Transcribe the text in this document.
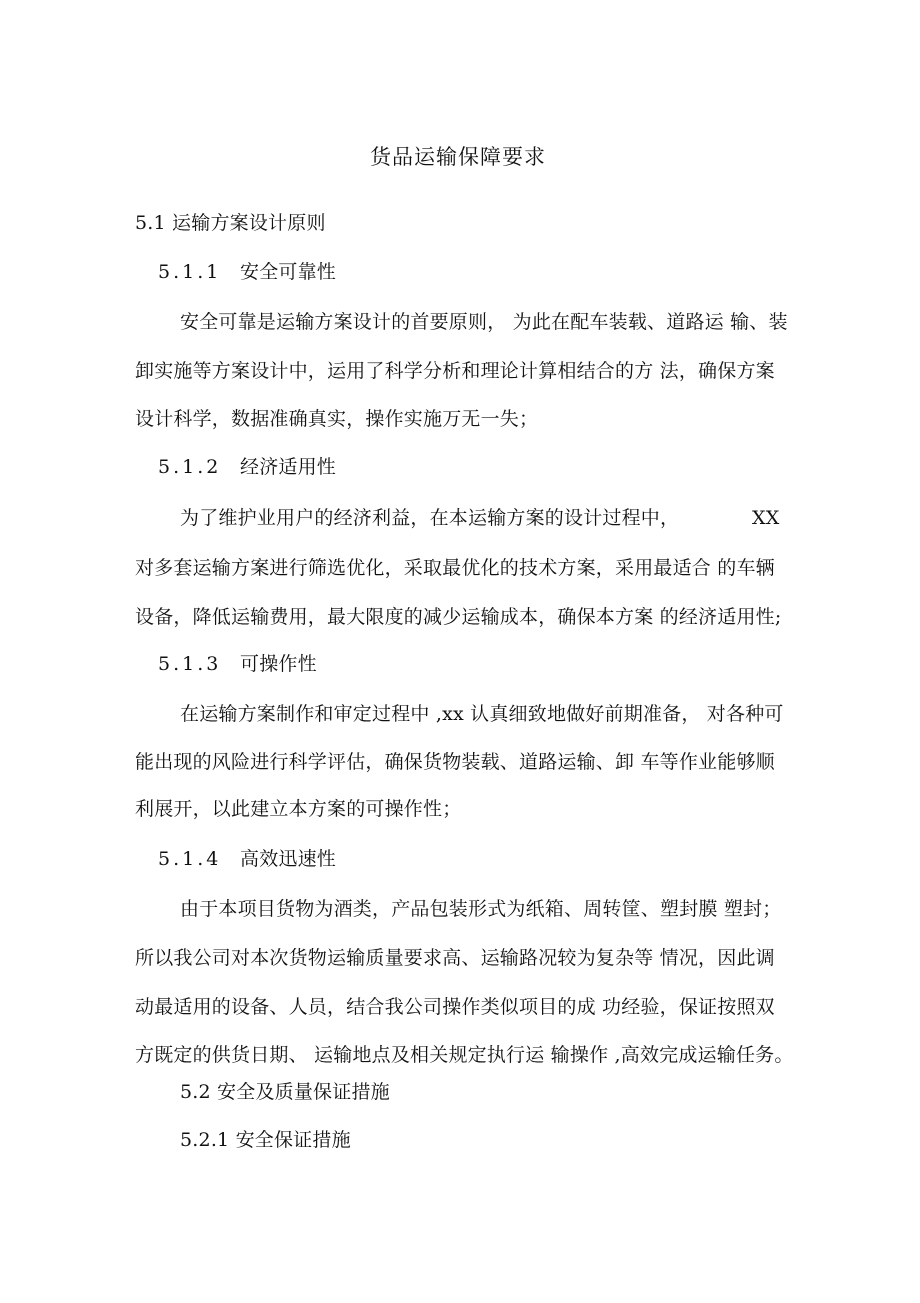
货品运输保障要求
5.1 运输方案设计原则
5.1.1 安全可靠性
安全可靠是运输方案设计的首要原则， 为此在配车装载、道路运 输、装
卸实施等方案设计中，运用了科学分析和理论计算相结合的方 法，确保方案
设计科学，数据准确真实，操作实施万无一失；
5.1.2 经济适用性
为了维护业用户的经济利益，在本运输方案的设计过程中，	XX
对多套运输方案进行筛选优化，采取最优化的技术方案，采用最适合 的车辆
设备，降低运输费用，最大限度的减少运输成本，确保本方案 的经济适用性;
5.1.3 可操作性
在运输方案制作和审定过程中 ,xx 认真细致地做好前期准备， 对各种可
能出现的风险进行科学评估，确保货物装载、道路运输、卸 车等作业能够顺
利展开，以此建立本方案的可操作性；
5.1.4 高效迅速性
由于本项目货物为酒类，产品包装形式为纸箱、周转筐、塑封膜 塑封；
所以我公司对本次货物运输质量要求高、运输路况较为复杂等 情况，因此调
动最适用的设备、人员，结合我公司操作类似项目的成 功经验，保证按照双
方既定的供货日期、 运输地点及相关规定执行运 输操作 ,高效完成运输任务。
5.2 安全及质量保证措施
5.2.1 安全保证措施
